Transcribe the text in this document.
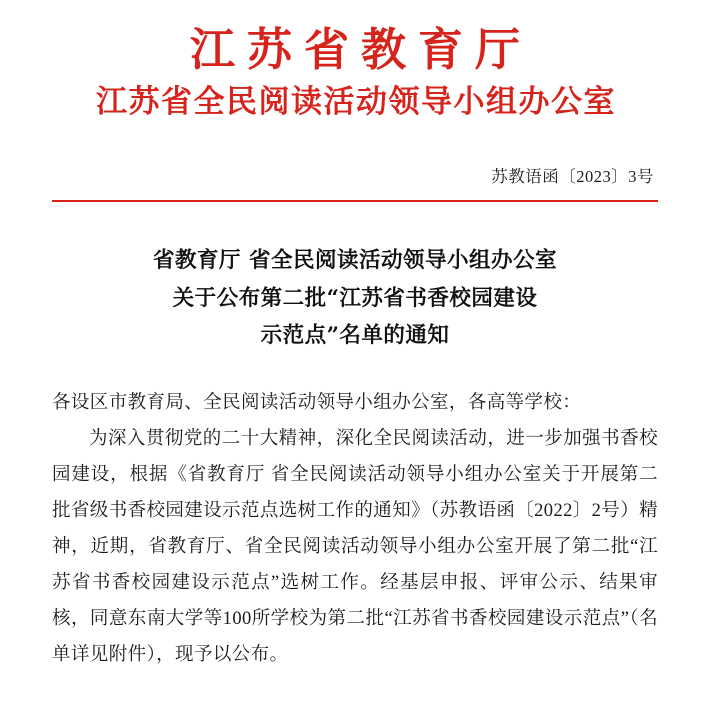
江苏省教育厅
江苏省全民阅读活动领导小组办公室
苏教语函〔2023〕3号
省教育厅 省全民阅读活动领导小组办公室
关于公布第二批“江苏省书香校园建设
示范点”名单的通知

各设区市教育局、全民阅读活动领导小组办公室，各高等学校：

为深入贯彻党的二十大精神，深化全民阅读活动，进一步加强书香校园建设，根据《省教育厅 省全民阅读活动领导小组办公室关于开展第二批省级书香校园建设示范点选树工作的通知》（苏教语函〔2022〕2号）精神，近期，省教育厅、省全民阅读活动领导小组办公室开展了第二批“江苏省书香校园建设示范点”选树工作。经基层申报、评审公示、结果审核，同意东南大学等100所学校为第二批“江苏省书香校园建设示范点”（名单详见附件），现予以公布。
